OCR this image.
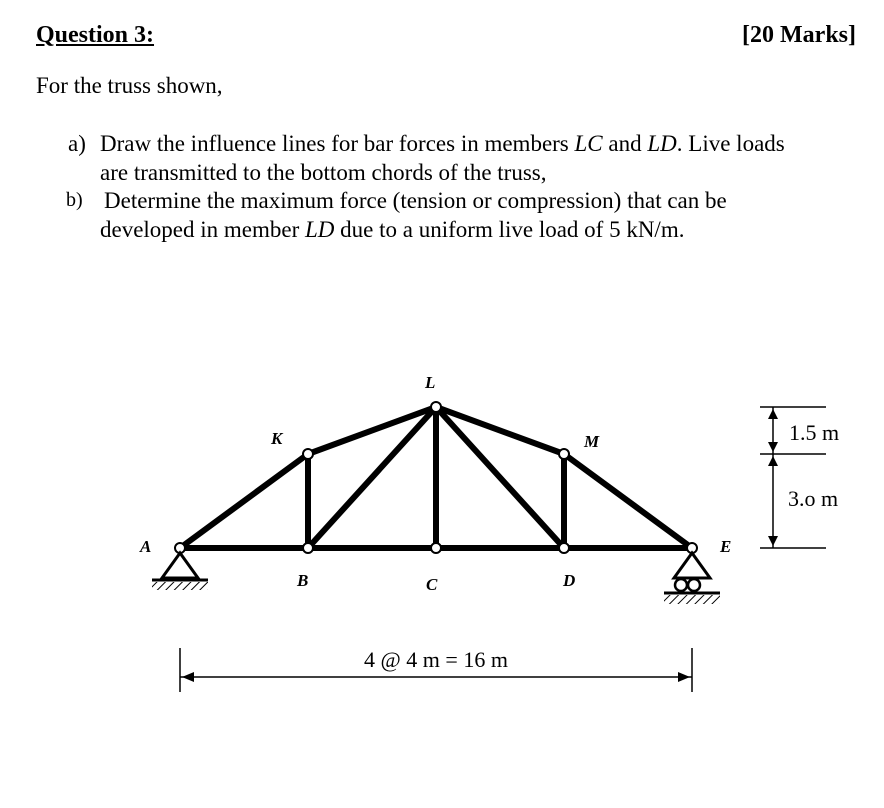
Question 3:	[20 Marks]
For the truss shown,
a) Draw the influence lines for bar forces in members LC and LD. Live loads
are transmitted to the bottom chords of the truss,
b) Determine the maximum force (tension or compression) that can be
developed in member LD due to a uniform live load of 5 kN/m.
A
B	C	D
E
K
L
M	1.5 m
3.o m
4 @ 4 m = 16 m
